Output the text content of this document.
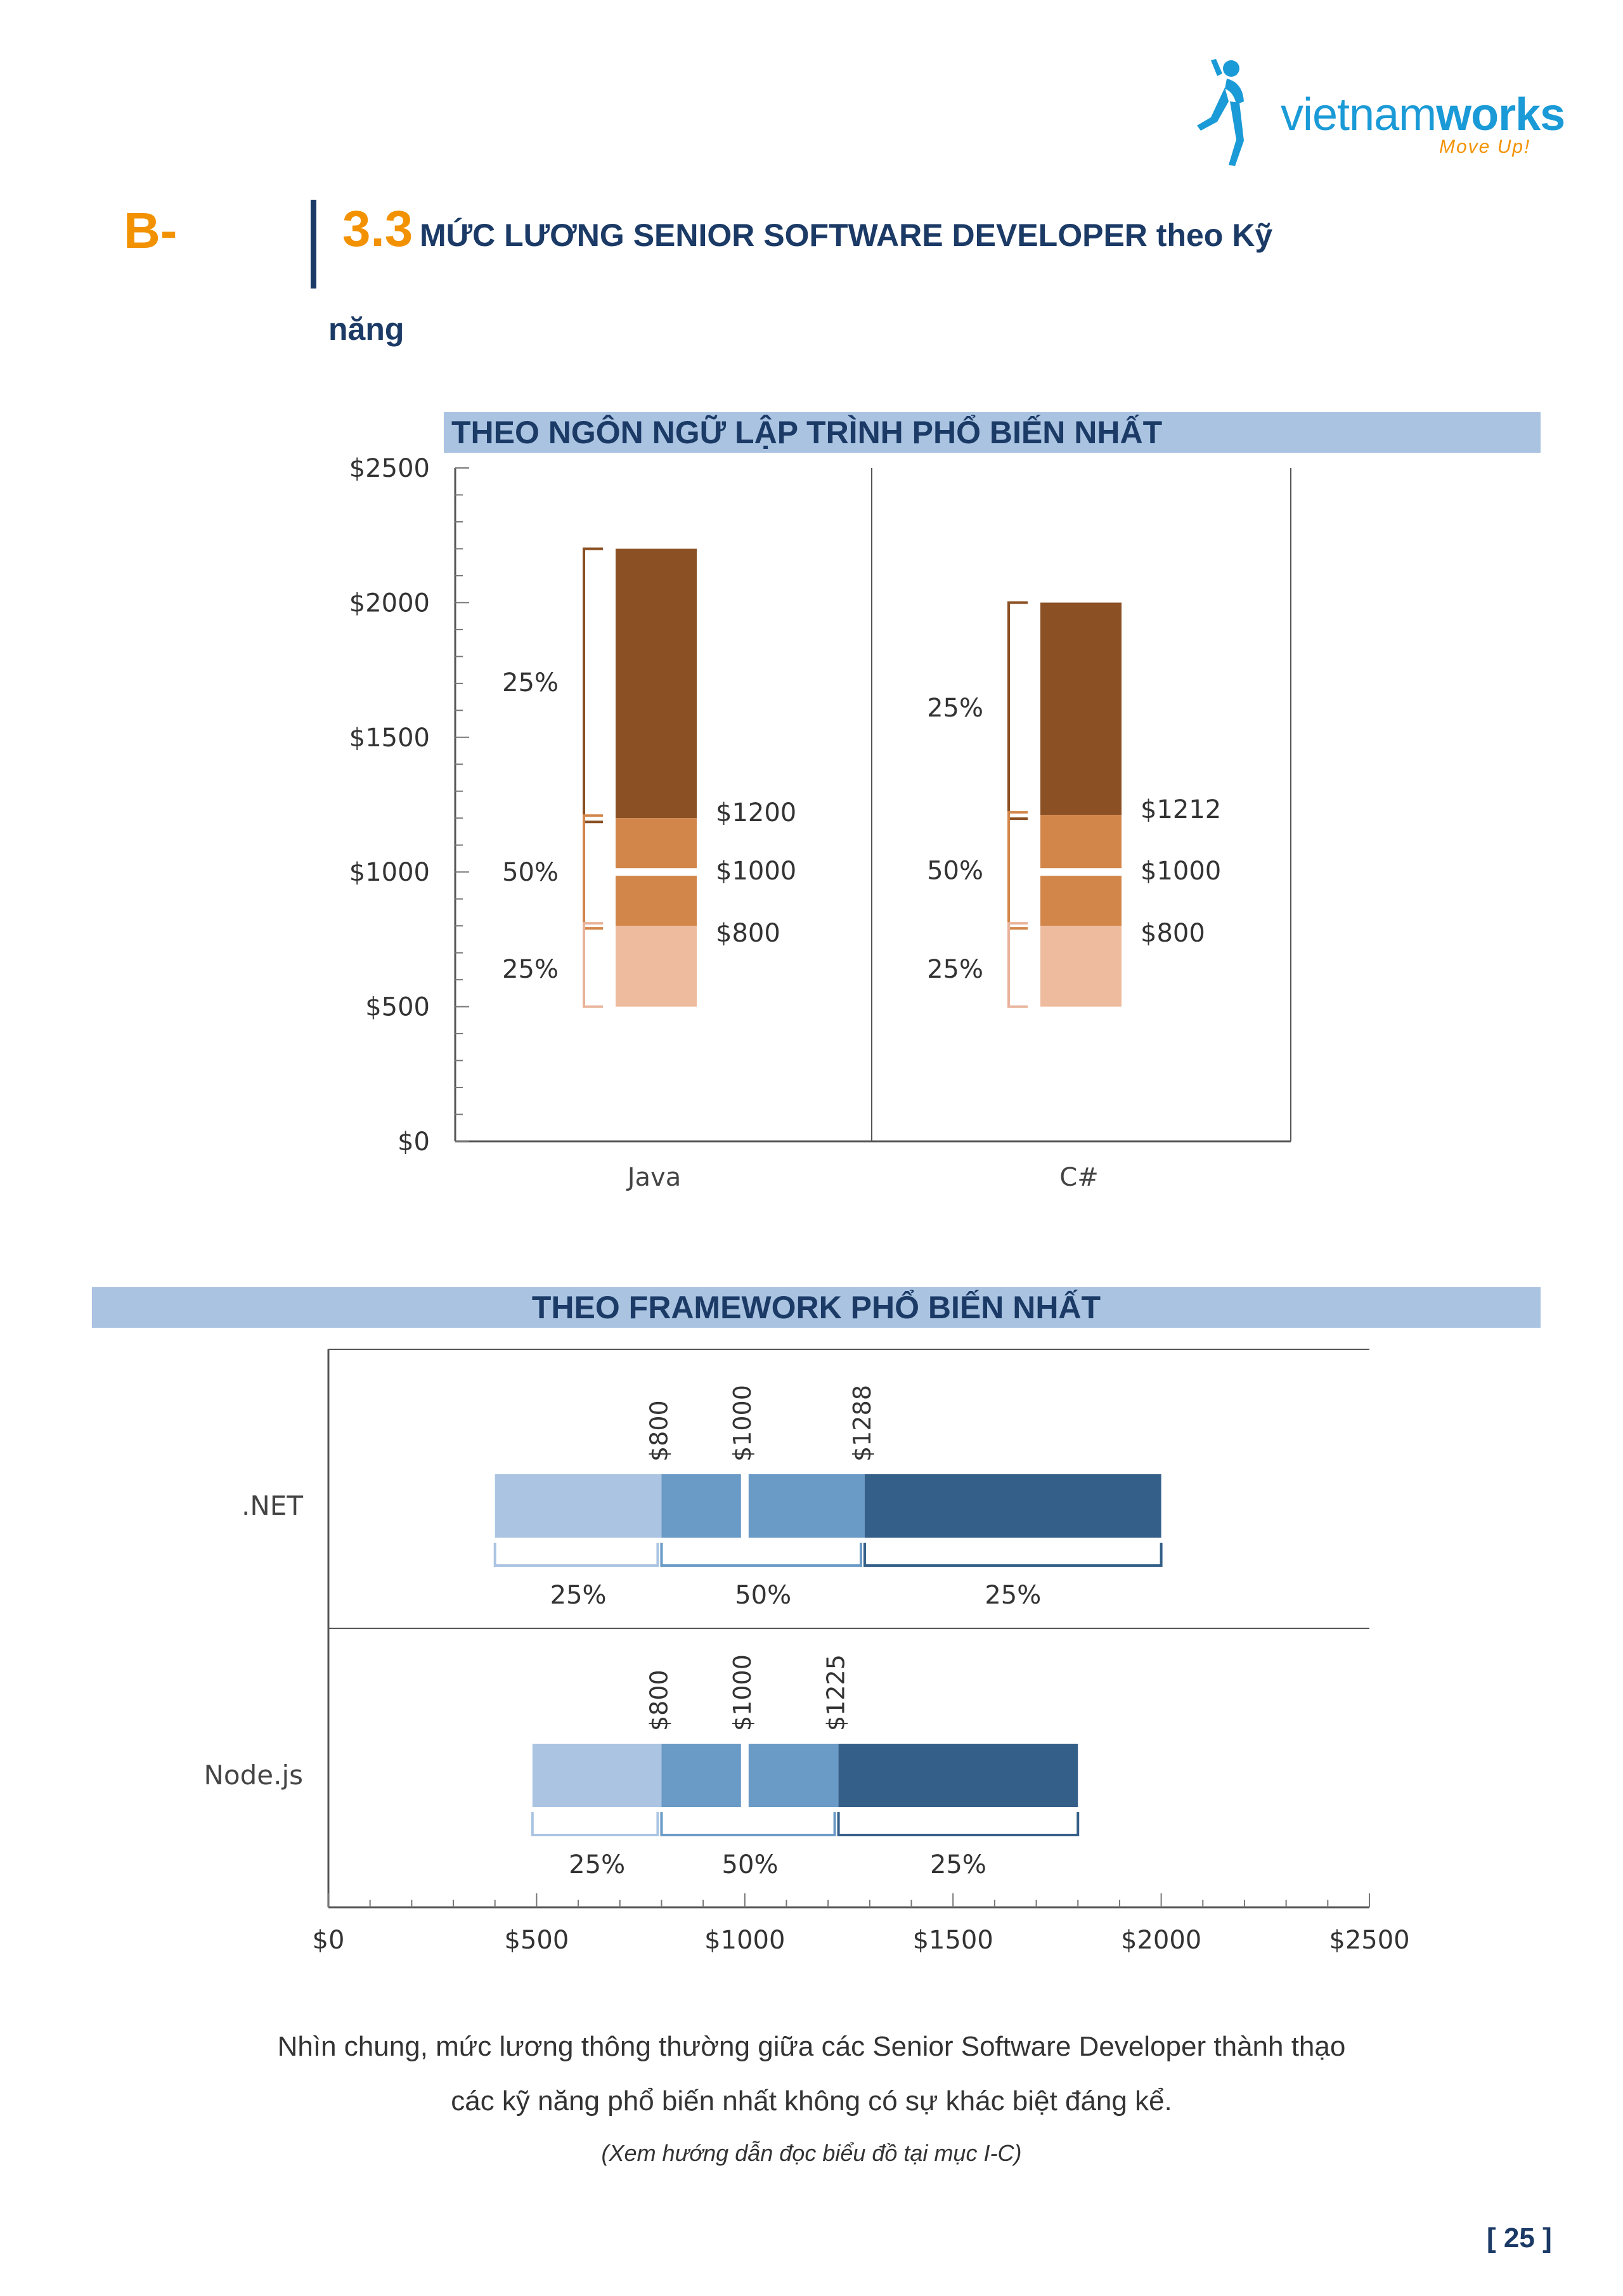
vietnamworks
Move Up!
B-	3.3 MỨC LƯƠNG SENIOR SOFTWARE DEVELOPER theo Kỹ
năng
THEO NGÔN NGỮ LẬP TRÌNH PHỔ BIẾN NHẤT
$0
$500
$1000
$1500
$2000
$2500
$1200
$1000
$800
25%
50%
25%
Java
$1212
$1000
$800
25%
50%
25%
C#
$0	$500	$1000	$1500	$2000	$2500
$800 $1000	$1288
25%	50%	25%
.NET
$800 $1000	$1225
25%	50%	25%
Node.js
THEO FRAMEWORK PHỔ BIẾN NHẤT
Nhìn chung, mức lương thông thường giữa các Senior Software Developer thành thạo
các kỹ năng phổ biến nhất không có sự khác biệt đáng kể.
(Xem hướng dẫn đọc biểu đồ tại mục I-C)
[ 25 ]
